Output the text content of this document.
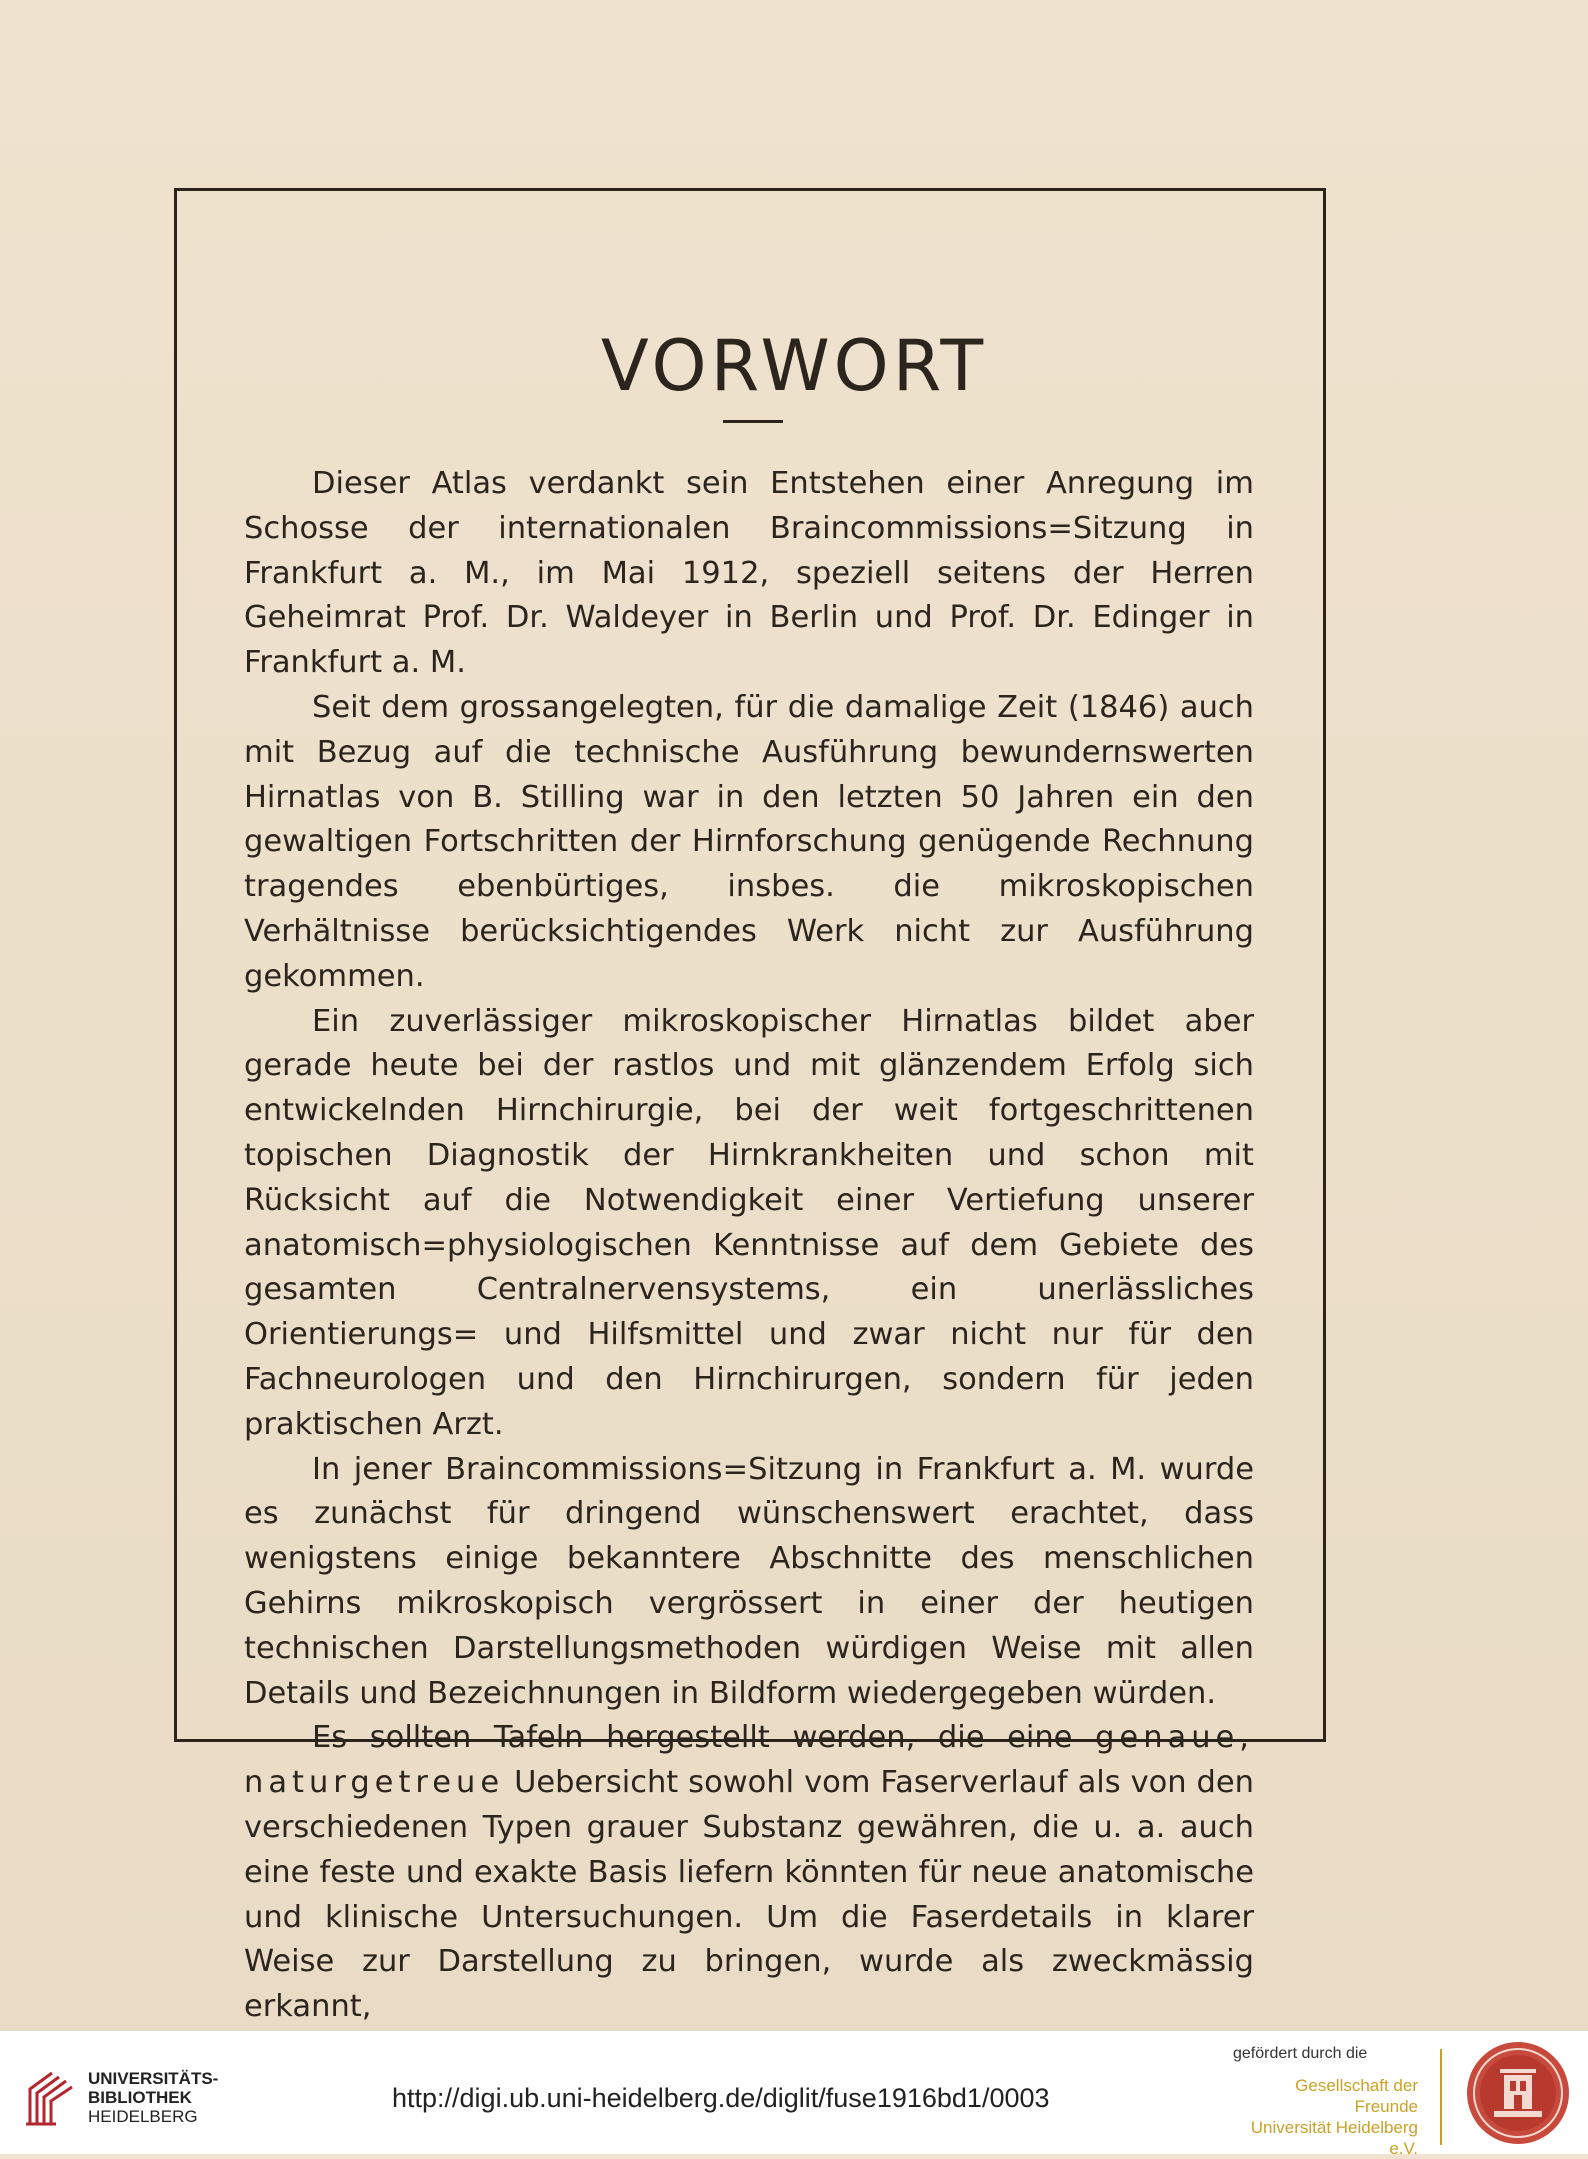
VORWORT

Dieser Atlas verdankt sein Entstehen einer Anregung im Schosse der internationalen Braincommissions=Sitzung in Frankfurt a. M., im Mai 1912, speziell seitens der Herren Geheimrat Prof. Dr. Waldeyer in Berlin und Prof. Dr. Edinger in Frankfurt a. M.

Seit dem grossangelegten, für die damalige Zeit (1846) auch mit Bezug auf die technische Ausführung bewundernswerten Hirnatlas von B. Stilling war in den letzten 50 Jahren ein den gewaltigen Fortschritten der Hirnforschung genügende Rechnung tragendes ebenbürtiges, insbes. die mikroskopischen Verhältnisse berücksichtigendes Werk nicht zur Ausführung gekommen.

Ein zuverlässiger mikroskopischer Hirnatlas bildet aber gerade heute bei der rastlos und mit glänzendem Erfolg sich entwickelnden Hirnchirurgie, bei der weit fortgeschrittenen topischen Diagnostik der Hirnkrankheiten und schon mit Rücksicht auf die Notwendigkeit einer Vertiefung unserer anatomisch=physiologischen Kenntnisse auf dem Gebiete des gesamten Centralnervensystems, ein unerlässliches Orientierungs= und Hilfsmittel und zwar nicht nur für den Fachneurologen und den Hirnchirurgen, sondern für jeden praktischen Arzt.

In jener Braincommissions=Sitzung in Frankfurt a. M. wurde es zunächst für dringend wünschenswert erachtet, dass wenigstens einige bekanntere Abschnitte des menschlichen Gehirns mikroskopisch vergrössert in einer der heutigen technischen Darstellungsmethoden würdigen Weise mit allen Details und Bezeichnungen in Bildform wiedergegeben würden.

Es sollten Tafeln hergestellt werden, die eine genaue, naturgetreue Uebersicht sowohl vom Faserverlauf als von den verschiedenen Typen grauer Substanz gewähren, die u. a. auch eine feste und exakte Basis liefern könnten für neue anatomische und klinische Untersuchungen. Um die Faserdetails in klarer Weise zur Darstellung zu bringen, wurde als zweckmässig erkannt,

UNIVERSITÄTS-
BIBLIOTHEK
HEIDELBERG
http://digi.ub.uni-heidelberg.de/diglit/fuse1916bd1/0003
gefördert durch die
Gesellschaft der Freunde
Universität Heidelberg e.V.
